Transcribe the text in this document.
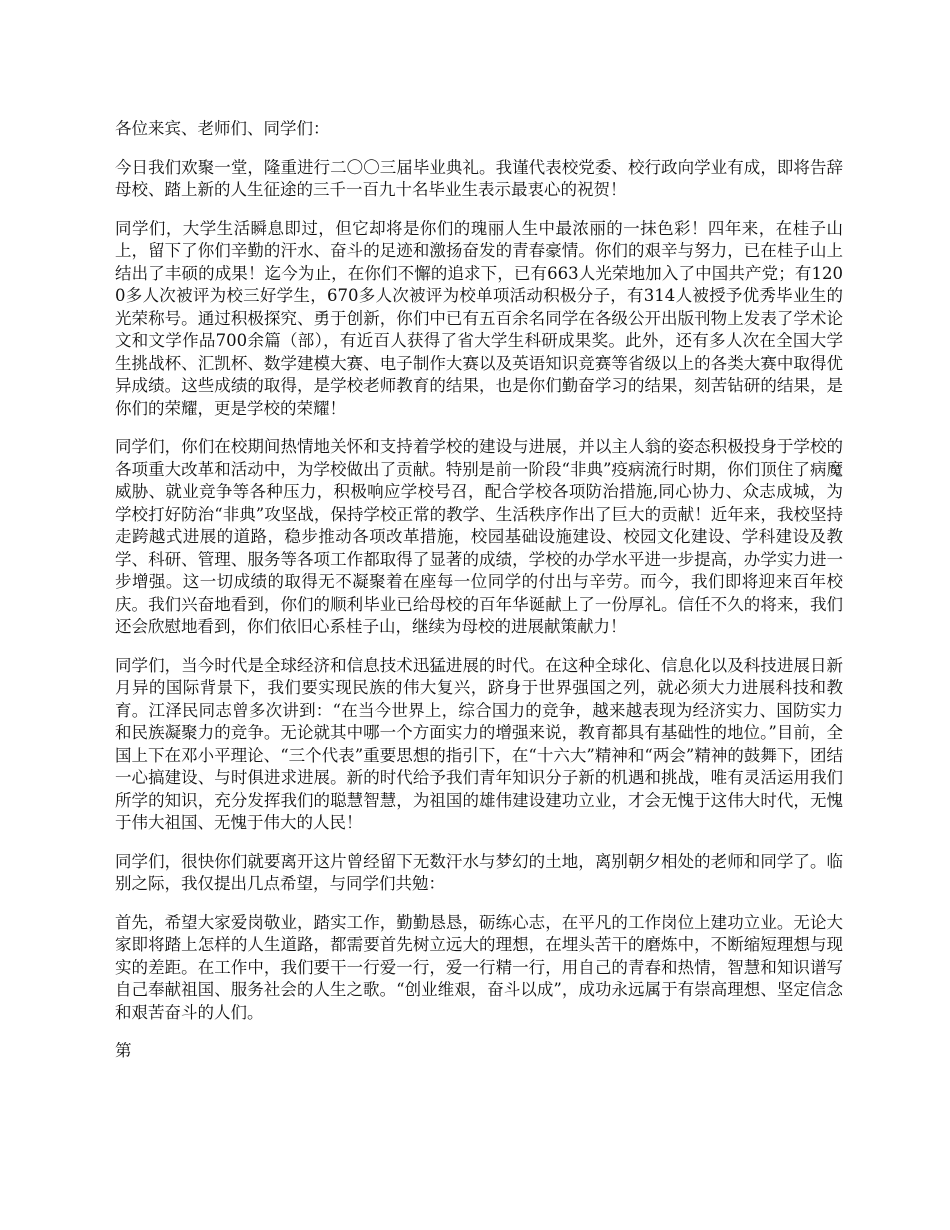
各位来宾、老师们、同学们：

今日我们欢聚一堂，隆重进行二〇〇三届毕业典礼。我谨代表校党委、校行政向学业有成，即将告辞母校、踏上新的人生征途的三千一百九十名毕业生表示最衷心的祝贺！

同学们，大学生活瞬息即过，但它却将是你们的瑰丽人生中最浓丽的一抹色彩！四年来，在桂子山上，留下了你们辛勤的汗水、奋斗的足迹和激扬奋发的青春豪情。你们的艰辛与努力，已在桂子山上结出了丰硕的成果！迄今为止，在你们不懈的追求下，已有663人光荣地加入了中国共产党；有1200多人次被评为校三好学生，670多人次被评为校单项活动积极分子，有314人被授予优秀毕业生的光荣称号。通过积极探究、勇于创新，你们中已有五百余名同学在各级公开出版刊物上发表了学术论文和文学作品700余篇（部），有近百人获得了省大学生科研成果奖。此外，还有多人次在全国大学生挑战杯、汇凯杯、数学建模大赛、电子制作大赛以及英语知识竞赛等省级以上的各类大赛中取得优异成绩。这些成绩的取得，是学校老师教育的结果，也是你们勤奋学习的结果，刻苦钻研的结果，是你们的荣耀，更是学校的荣耀！

同学们，你们在校期间热情地关怀和支持着学校的建设与进展，并以主人翁的姿态积极投身于学校的各项重大改革和活动中，为学校做出了贡献。特别是前一阶段“非典”疫病流行时期，你们顶住了病魔威胁、就业竞争等各种压力，积极响应学校号召，配合学校各项防治措施,同心协力、众志成城，为学校打好防治“非典”攻坚战，保持学校正常的教学、生活秩序作出了巨大的贡献！近年来，我校坚持走跨越式进展的道路，稳步推动各项改革措施，校园基础设施建设、校园文化建设、学科建设及教学、科研、管理、服务等各项工作都取得了显著的成绩，学校的办学水平进一步提高，办学实力进一步增强。这一切成绩的取得无不凝聚着在座每一位同学的付出与辛劳。而今，我们即将迎来百年校庆。我们兴奋地看到，你们的顺利毕业已给母校的百年华诞献上了一份厚礼。信任不久的将来，我们还会欣慰地看到，你们依旧心系桂子山，继续为母校的进展献策献力！

同学们，当今时代是全球经济和信息技术迅猛进展的时代。在这种全球化、信息化以及科技进展日新月异的国际背景下，我们要实现民族的伟大复兴，跻身于世界强国之列，就必须大力进展科技和教育。江泽民同志曾多次讲到：“在当今世界上，综合国力的竞争，越来越表现为经济实力、国防实力和民族凝聚力的竞争。无论就其中哪一个方面实力的增强来说，教育都具有基础性的地位。”目前，全国上下在邓小平理论、“三个代表”重要思想的指引下，在“十六大”精神和“两会”精神的鼓舞下，团结一心搞建设、与时俱进求进展。新的时代给予我们青年知识分子新的机遇和挑战，唯有灵活运用我们所学的知识，充分发挥我们的聪慧智慧，为祖国的雄伟建设建功立业，才会无愧于这伟大时代，无愧于伟大祖国、无愧于伟大的人民！

同学们，很快你们就要离开这片曾经留下无数汗水与梦幻的土地，离别朝夕相处的老师和同学了。临别之际，我仅提出几点希望，与同学们共勉：

首先，希望大家爱岗敬业，踏实工作，勤勤恳恳，砺练心志，在平凡的工作岗位上建功立业。无论大家即将踏上怎样的人生道路，都需要首先树立远大的理想，在埋头苦干的磨炼中，不断缩短理想与现实的差距。在工作中，我们要干一行爱一行，爱一行精一行，用自己的青春和热情，智慧和知识谱写自己奉献祖国、服务社会的人生之歌。“创业维艰，奋斗以成”，成功永远属于有崇高理想、坚定信念和艰苦奋斗的人们。

第
